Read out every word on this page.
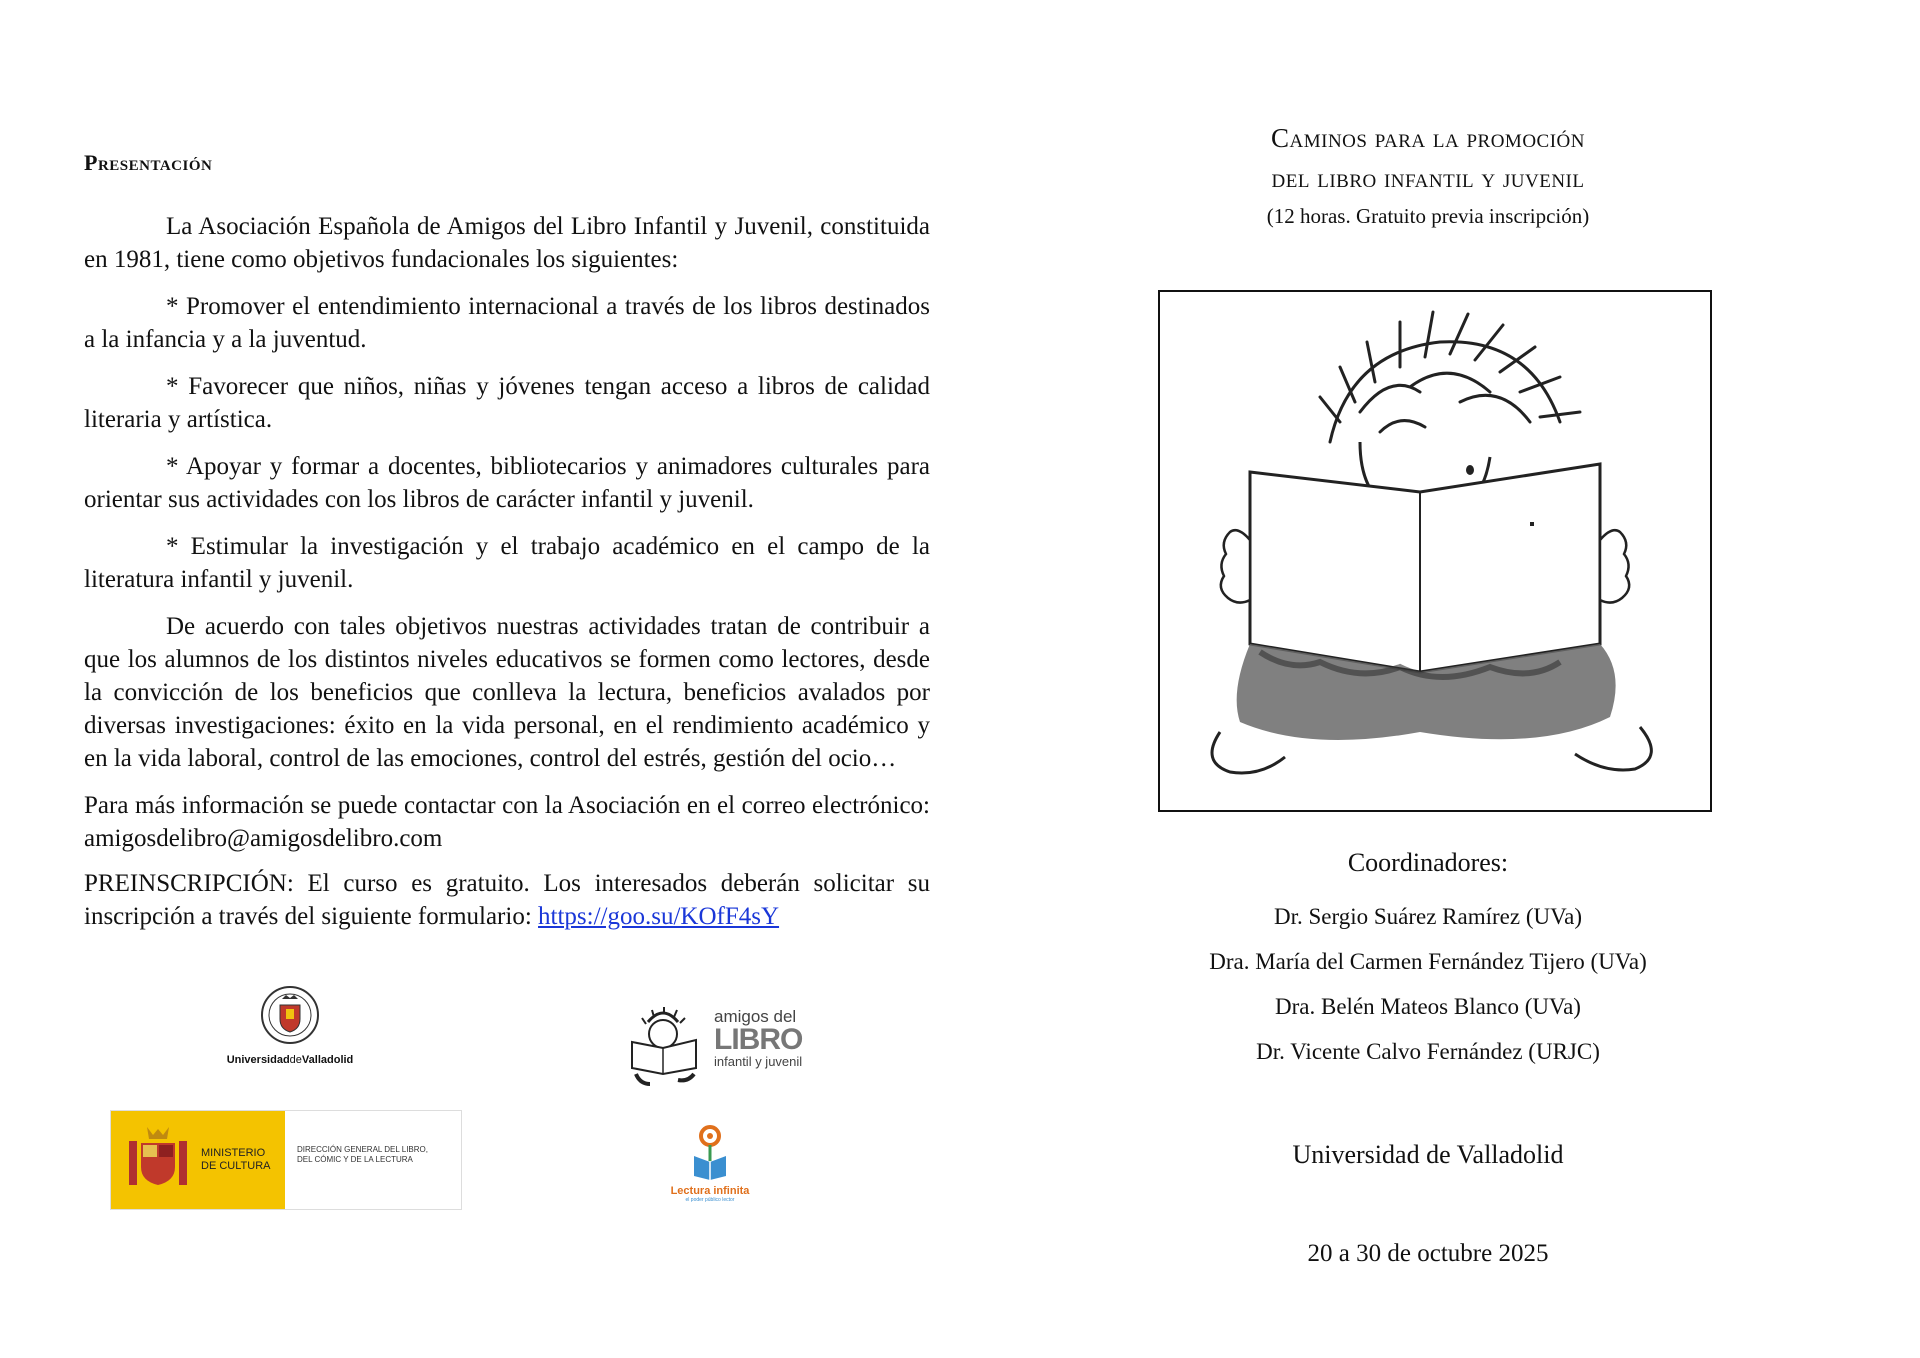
Presentación

La Asociación Española de Amigos del Libro Infantil y Juvenil, constituida en 1981, tiene como objetivos fundacionales los siguientes:

* Promover el entendimiento internacional a través de los libros destinados a la infancia y a la juventud.

* Favorecer que niños, niñas y jóvenes tengan acceso a libros de calidad literaria y artística.

* Apoyar y formar a docentes, bibliotecarios y animadores culturales para orientar sus actividades con los libros de carácter infantil y juvenil.

* Estimular la investigación y el trabajo académico en el campo de la literatura infantil y juvenil.

De acuerdo con tales objetivos nuestras actividades tratan de contribuir a que los alumnos de los distintos niveles educativos se formen como lectores, desde la convicción de los beneficios que conlleva la lectura, beneficios avalados por diversas investigaciones: éxito en la vida personal, en el rendimiento académico y en la vida laboral, control de las emociones, control del estrés, gestión del ocio…

Para más información se puede contactar con la Asociación en el correo electrónico: amigosdelibro@amigosdelibro.com

PREINSCRIPCIÓN: El curso es gratuito. Los interesados deberán solicitar su inscripción a través del siguiente formulario: https://goo.su/KOfF4sY

UniversidaddeValladolid
amigos del
LIBRO
infantil y juvenil
MINISTERIO
DE CULTURA
DIRECCIÓN GENERAL DEL LIBRO,
DEL CÓMIC Y DE LA LECTURA
Lectura infinita
el poder público lector
Caminos para la promoción
del libro infantil y juvenil
(12 horas. Gratuito previa inscripción)
Coordinadores:
Dr. Sergio Suárez Ramírez (UVa)
Dra. María del Carmen Fernández Tijero (UVa)
Dra. Belén Mateos Blanco (UVa)
Dr. Vicente Calvo Fernández (URJC)
Universidad de Valladolid
20 a 30 de octubre 2025
